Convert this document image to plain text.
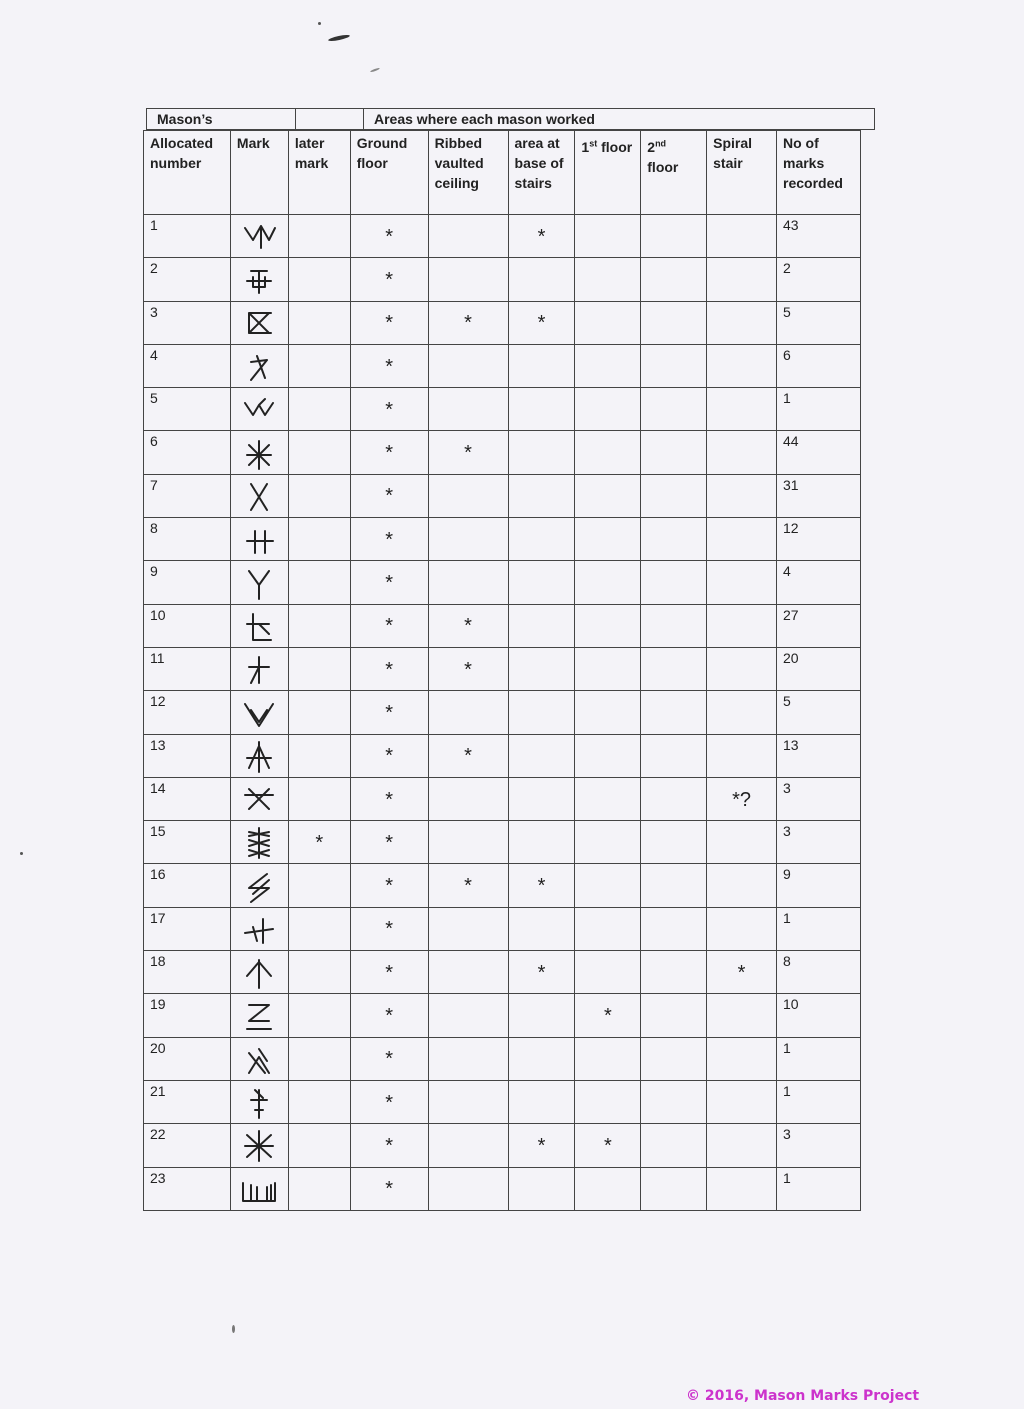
Mason’s	Areas where each mason worked
Allocated number	Mark	later mark	Ground floor	Ribbed vaulted ceiling	area at base of stairs	1st floor	2nd floor	Spiral stair	No of marks recorded
1			*		*				43
2			*						2
3			*	*	*				5
4			*						6
5			*						1
6			*	*					44
7			*						31
8			*						12
9			*						4
10			*	*					27
11			*	*					20
12			*						5
13			*	*					13
14			*					*?	3
15		*	*						3
16			*	*	*				9
17			*						1
18			*		*			*	8
19			*			*			10
20			*						1
21			*						1
22			*		*	*			3
23			*						1
© 2016, Mason Marks Project
